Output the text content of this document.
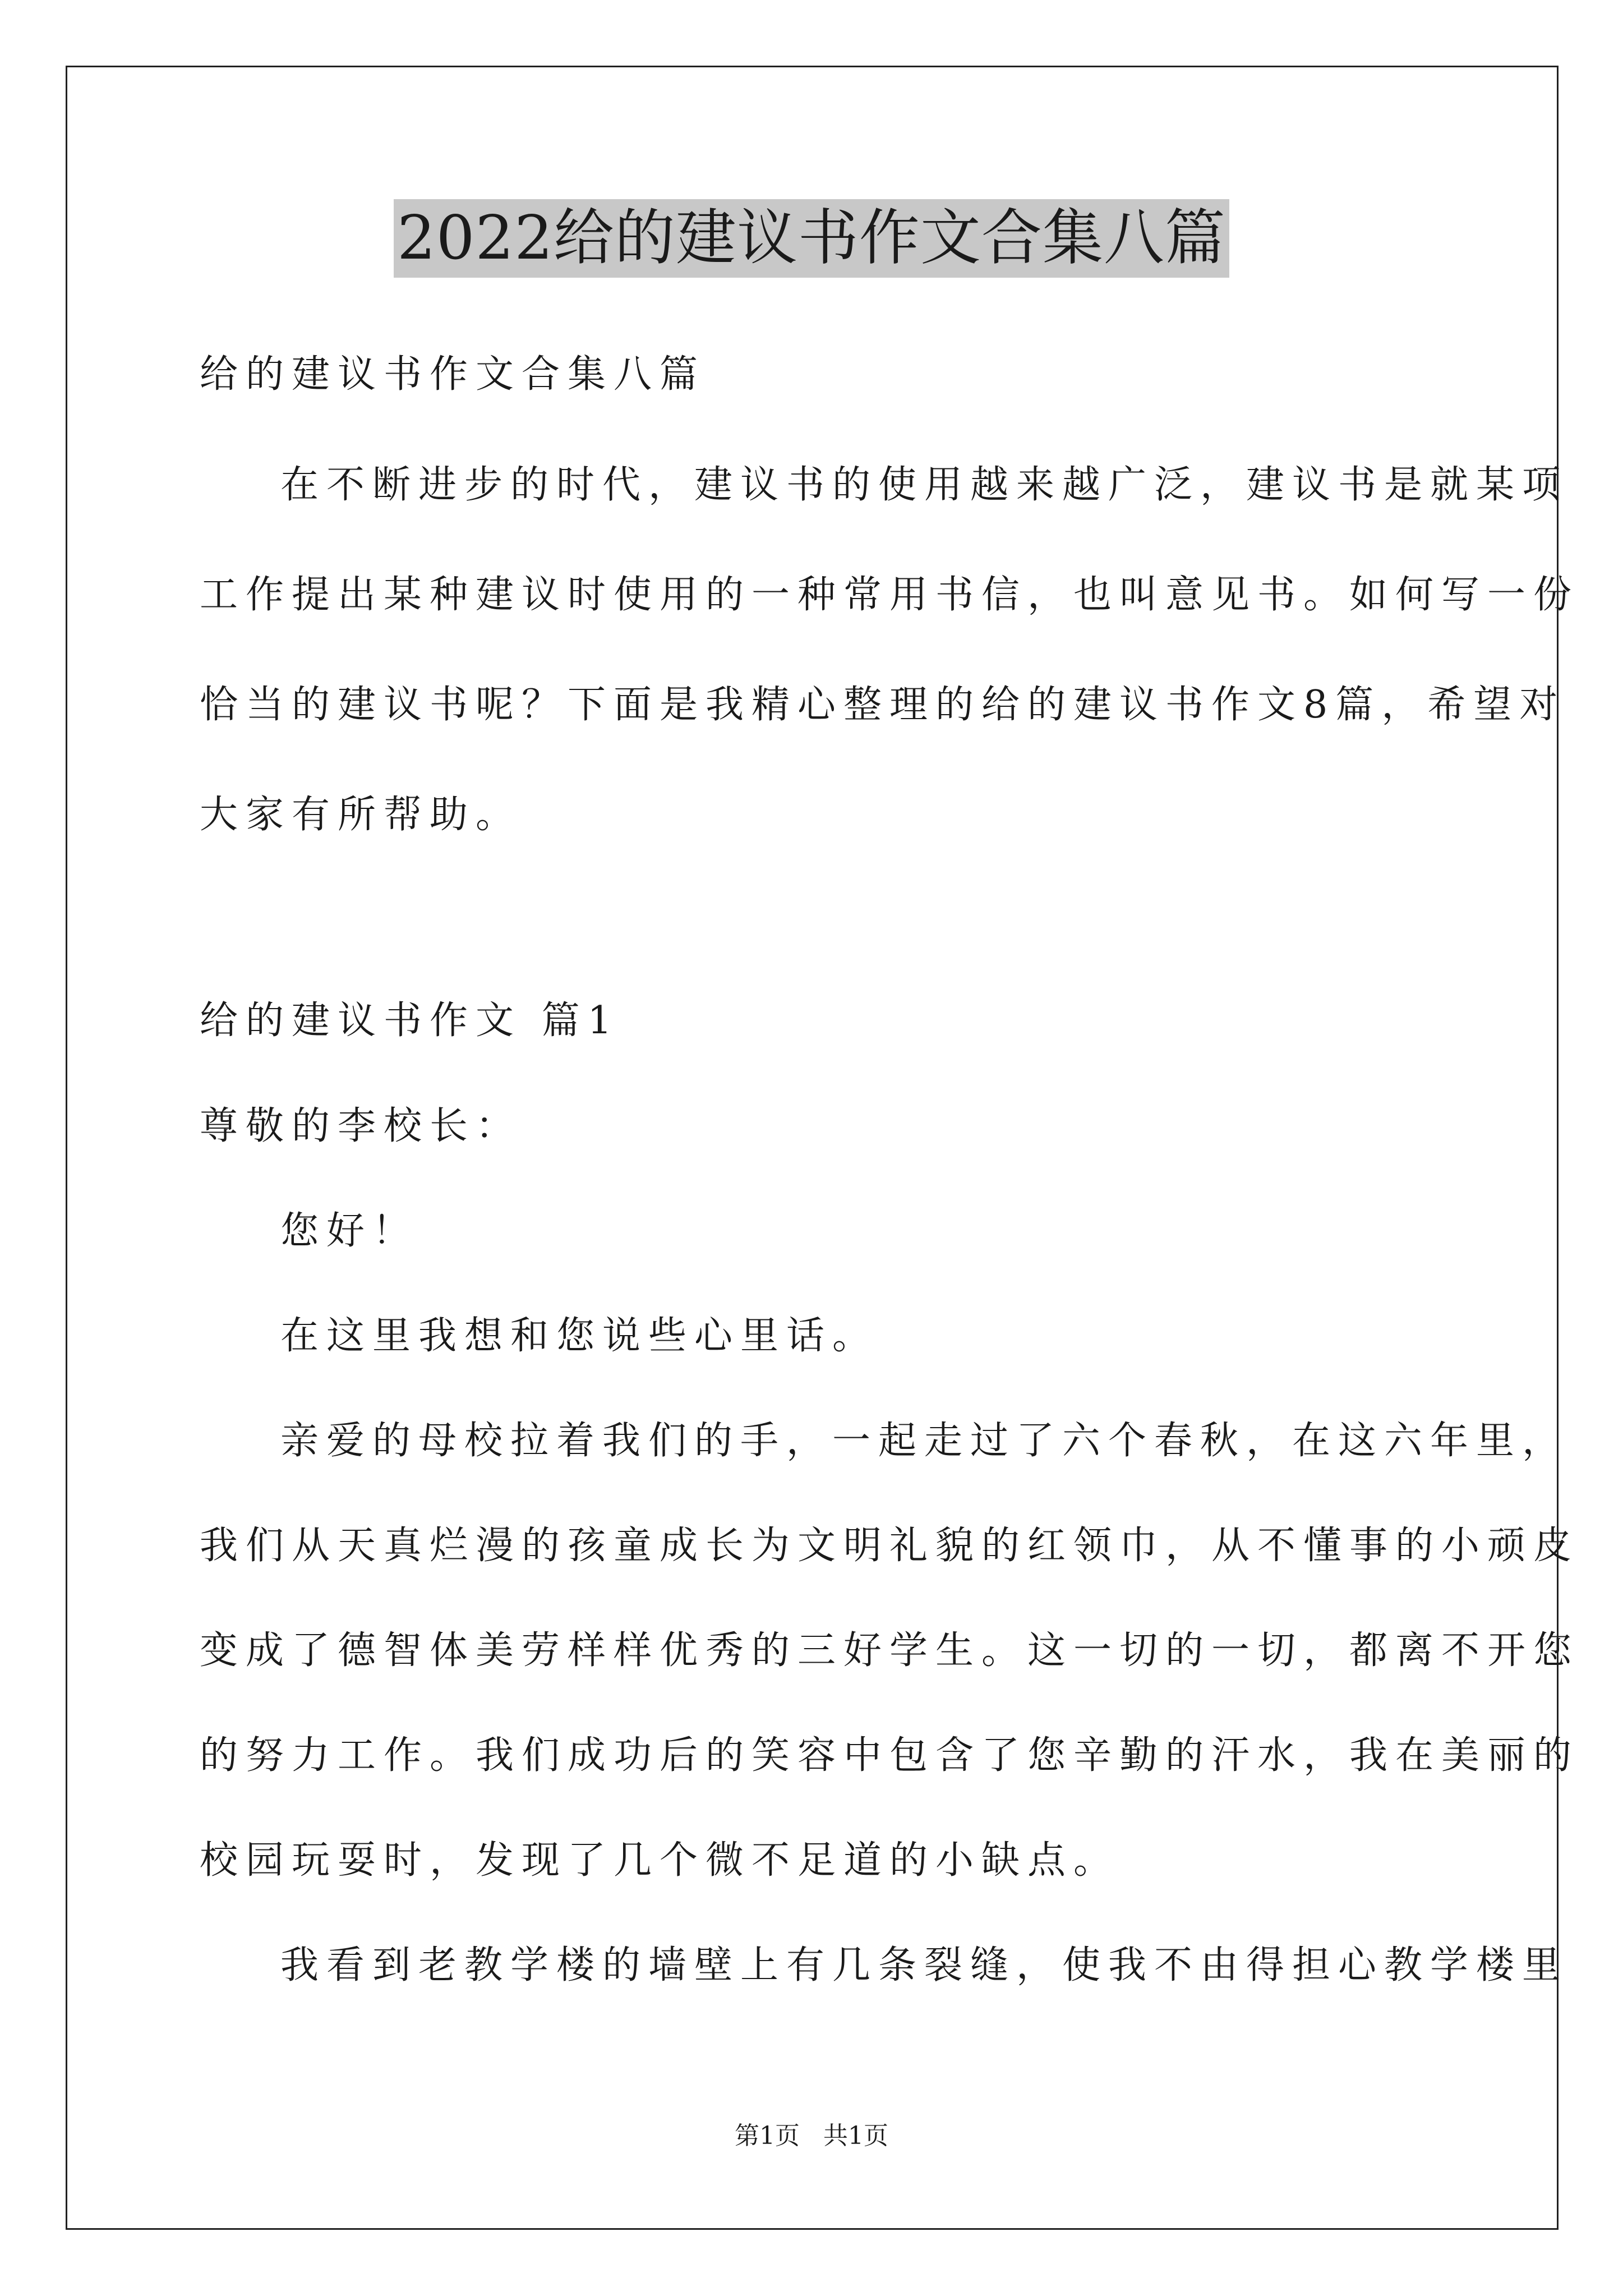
2022给的建议书作文合集八篇
给的建议书作文合集八篇
在不断进步的时代，建议书的使用越来越广泛，建议书是就某项
工作提出某种建议时使用的一种常用书信，也叫意见书。如何写一份
恰当的建议书呢？下面是我精心整理的给的建议书作文8篇，希望对
大家有所帮助。
给的建议书作文 篇1
尊敬的李校长：
您好！
在这里我想和您说些心里话。
亲爱的母校拉着我们的手，一起走过了六个春秋，在这六年里，
我们从天真烂漫的孩童成长为文明礼貌的红领巾，从不懂事的小顽皮
变成了德智体美劳样样优秀的三好学生。这一切的一切，都离不开您
的努力工作。我们成功后的笑容中包含了您辛勤的汗水，我在美丽的
校园玩耍时，发现了几个微不足道的小缺点。
我看到老教学楼的墙壁上有几条裂缝，使我不由得担心教学楼里
第1页   共1页
